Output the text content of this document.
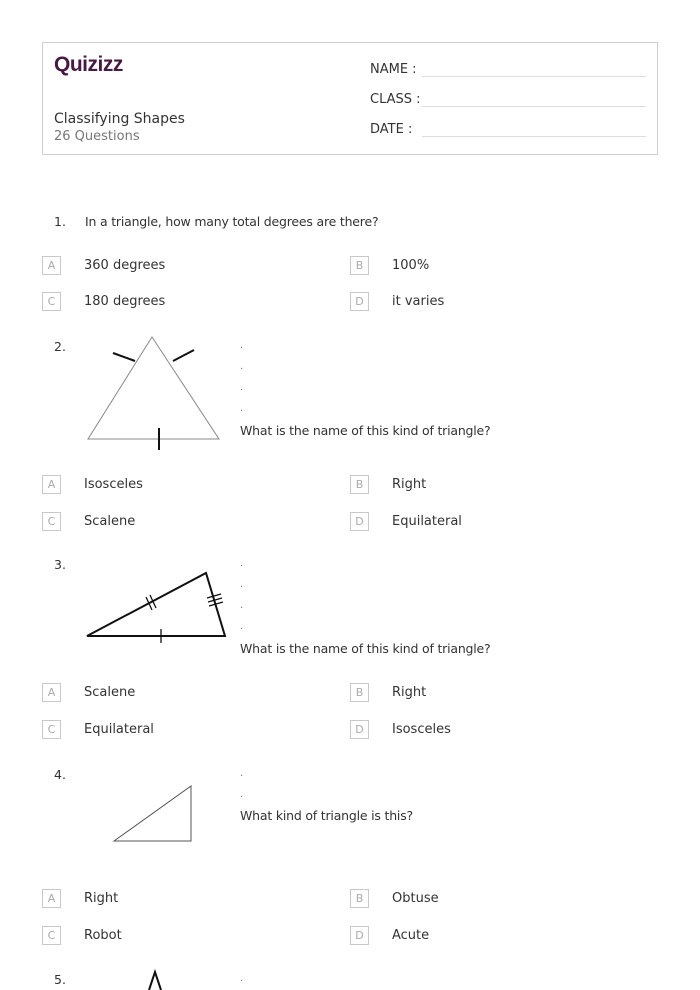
Quizizz
Classifying Shapes
26 Questions
NAME :
CLASS :
DATE :
1. In a triangle, how many total degrees are there?
A	360 degrees	B	100%
C	180 degrees	D	it varies
2.	.
.
.
.
What is the name of this kind of triangle?
A	Isosceles	B	Right
C	Scalene	D	Equilateral
3.	.
.
.
.
What is the name of this kind of triangle?
A	Scalene	B	Right
C	Equilateral	D	Isosceles
4.	.
.
What kind of triangle is this?
A	Right	B	Obtuse
C	Robot	D	Acute
5.	.
